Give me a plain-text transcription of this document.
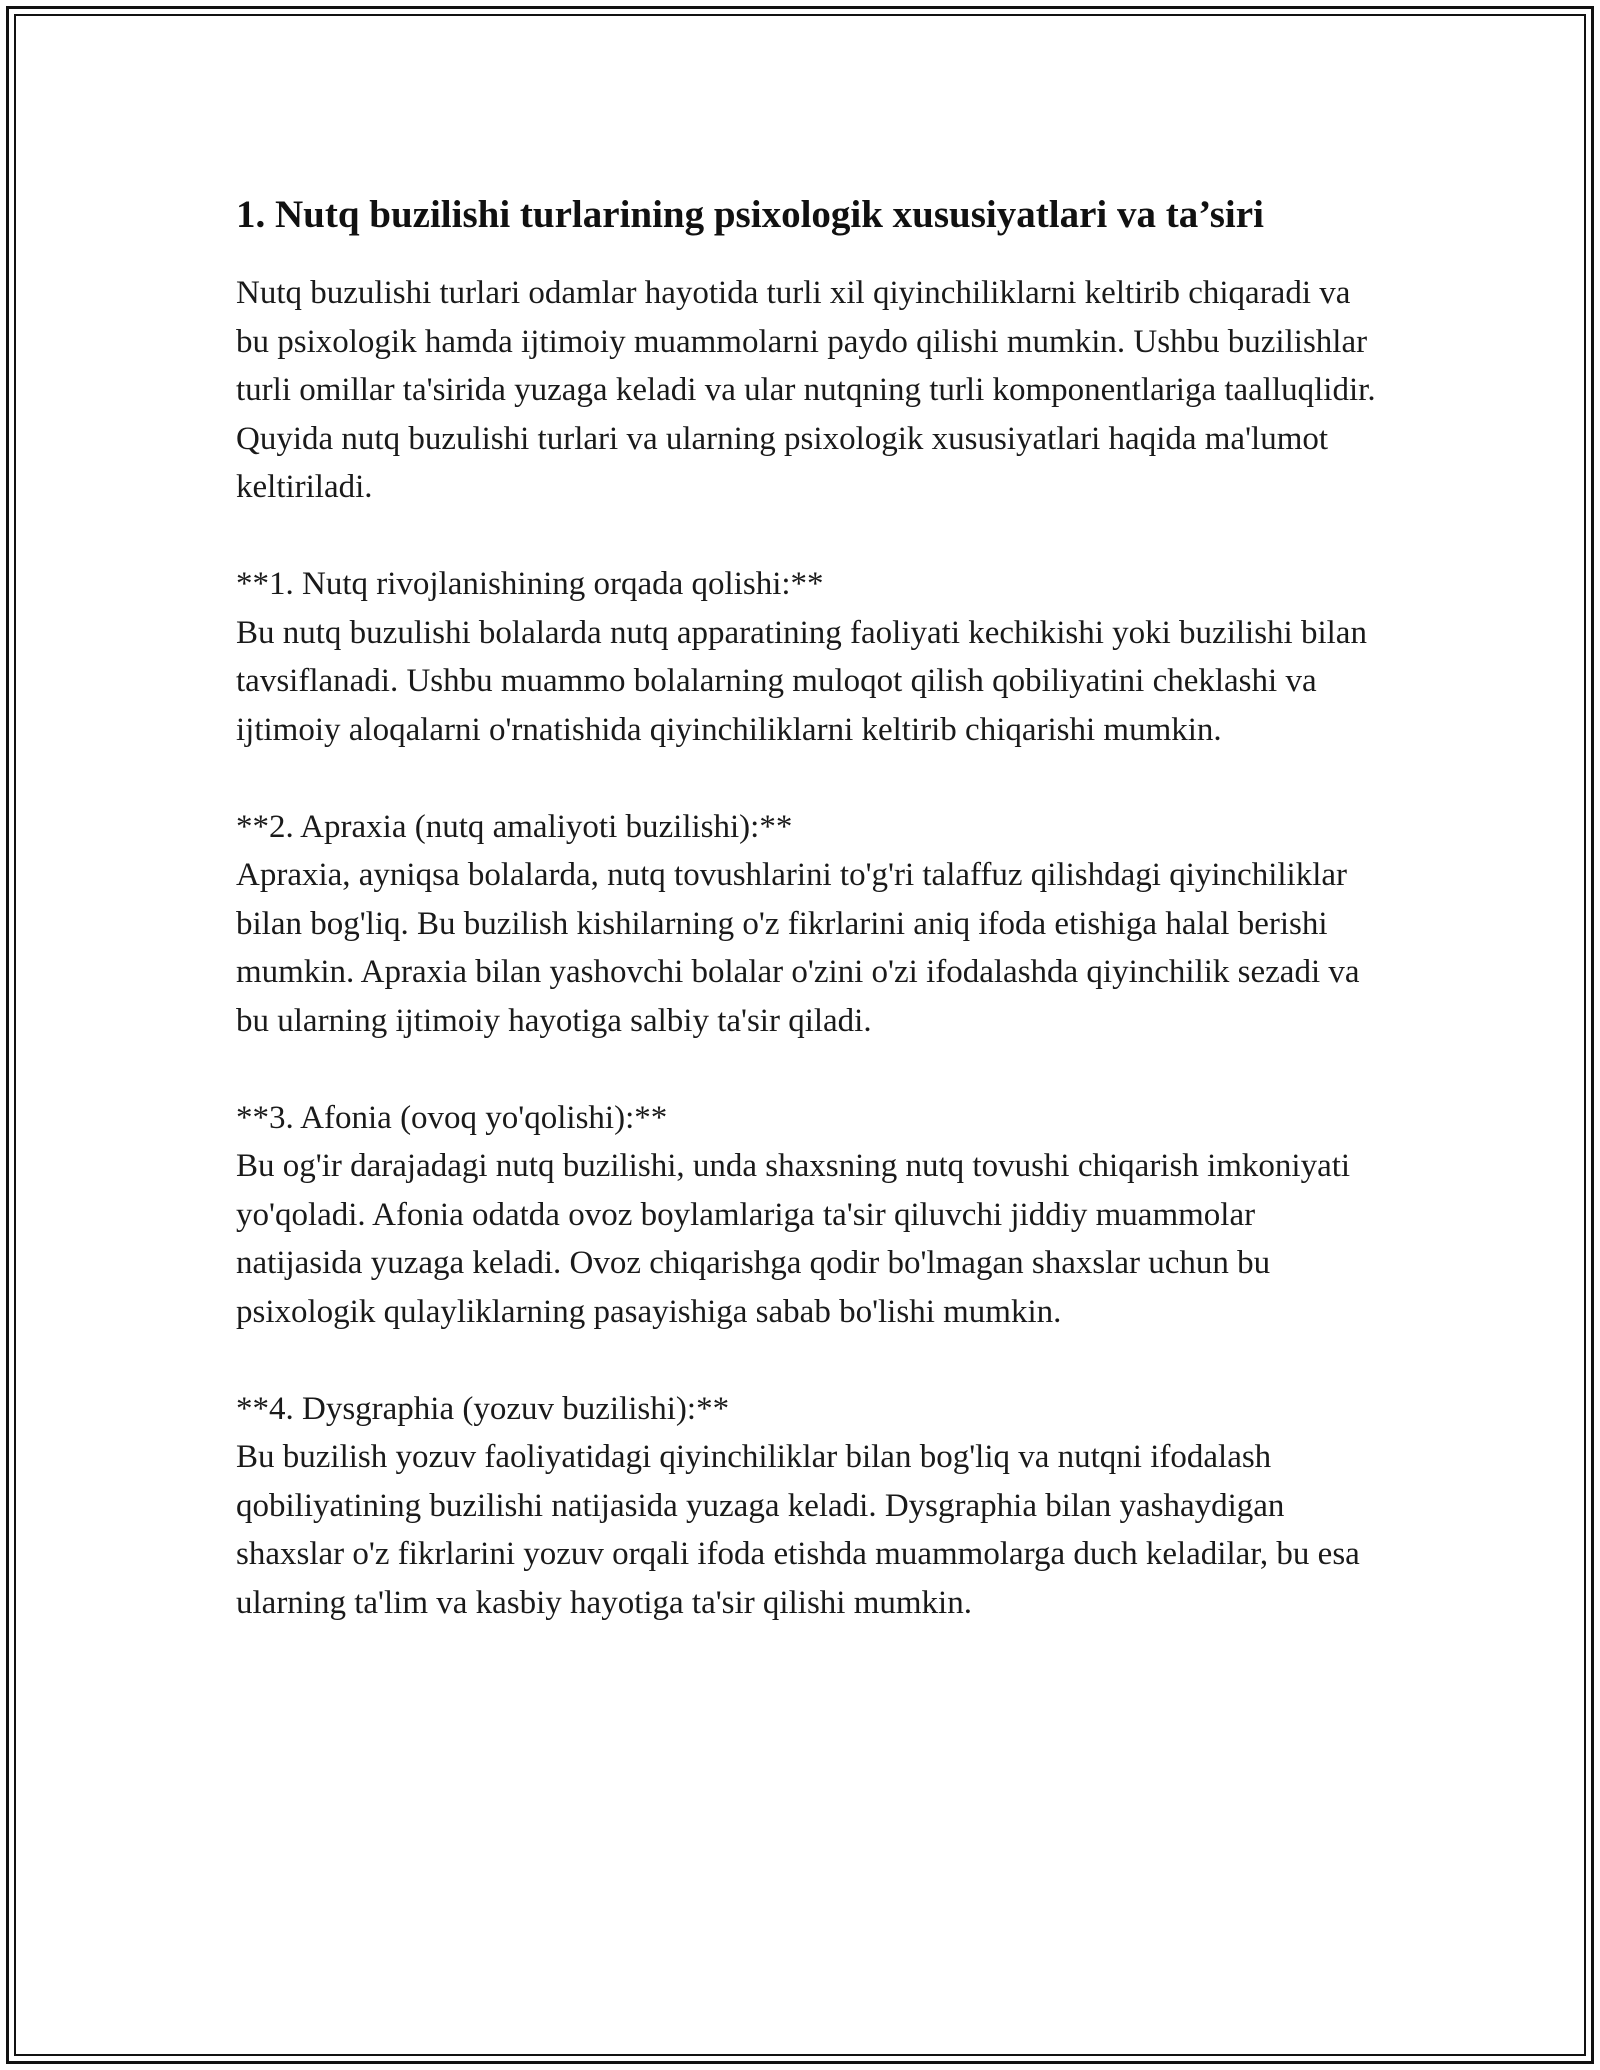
1. Nutq buzilishi turlarining psixologik xususiyatlari va ta’siri

Nutq buzulishi turlari odamlar hayotida turli xil qiyinchiliklarni keltirib chiqaradi va bu psixologik hamda ijtimoiy muammolarni paydo qilishi mumkin. Ushbu buzilishlar turli omillar ta'sirida yuzaga keladi va ular nutqning turli komponentlariga taalluqlidir. Quyida nutq buzulishi turlari va ularning psixologik xususiyatlari haqida ma'lumot keltiriladi.

**1. Nutq rivojlanishining orqada qolishi:**

Bu nutq buzulishi bolalarda nutq apparatining faoliyati kechikishi yoki buzilishi bilan tavsiflanadi. Ushbu muammo bolalarning muloqot qilish qobiliyatini cheklashi va ijtimoiy aloqalarni o'rnatishida qiyinchiliklarni keltirib chiqarishi mumkin.

**2. Apraxia (nutq amaliyoti buzilishi):**

Apraxia, ayniqsa bolalarda, nutq tovushlarini to'g'ri talaffuz qilishdagi qiyinchiliklar bilan bog'liq. Bu buzilish kishilarning o'z fikrlarini aniq ifoda etishiga halal berishi mumkin. Apraxia bilan yashovchi bolalar o'zini o'zi ifodalashda qiyinchilik sezadi va bu ularning ijtimoiy hayotiga salbiy ta'sir qiladi.

**3. Afonia (ovoq yo'qolishi):**

Bu og'ir darajadagi nutq buzilishi, unda shaxsning nutq tovushi chiqarish imkoniyati yo'qoladi. Afonia odatda ovoz boylamlariga ta'sir qiluvchi jiddiy muammolar natijasida yuzaga keladi. Ovoz chiqarishga qodir bo'lmagan shaxslar uchun bu psixologik qulayliklarning pasayishiga sabab bo'lishi mumkin.

**4. Dysgraphia (yozuv buzilishi):**

Bu buzilish yozuv faoliyatidagi qiyinchiliklar bilan bog'liq va nutqni ifodalash qobiliyatining buzilishi natijasida yuzaga keladi. Dysgraphia bilan yashaydigan shaxslar o'z fikrlarini yozuv orqali ifoda etishda muammolarga duch keladilar, bu esa ularning ta'lim va kasbiy hayotiga ta'sir qilishi mumkin.
